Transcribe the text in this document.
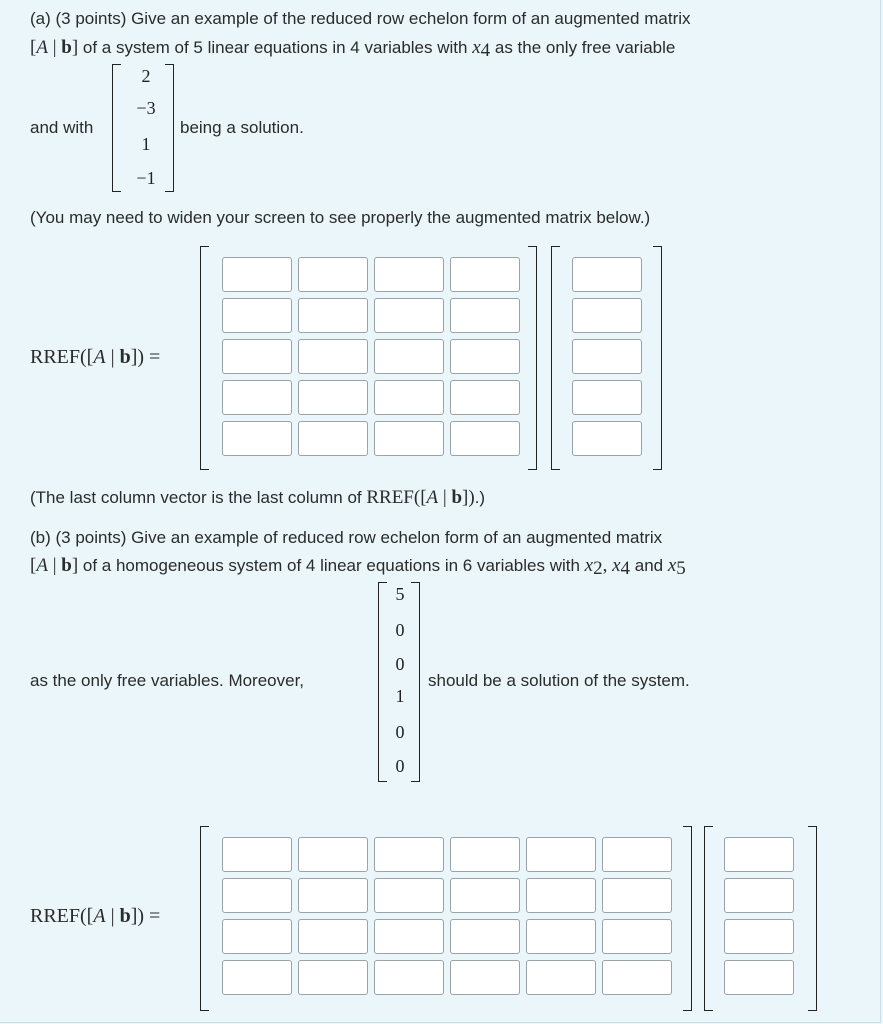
(a) (3 points) Give an example of the reduced row echelon form of an augmented matrix
[A | b] of a system of 5 linear equations in 4 variables with $x_4$ as the only free variable
and with
2
−3
1
−1
being a solution.
(You may need to widen your screen to see properly the augmented matrix below.)
RREF([A | b]) =
(The last column vector is the last column of RREF([A | b]).)
(b) (3 points) Give an example of reduced row echelon form of an augmented matrix
[A | b] of a homogeneous system of 4 linear equations in 6 variables with $x_2$, $x_4$ and $x_5$
as the only free variables. Moreover,
5
0
0
1
0
0
should be a solution of the system.
RREF([A | b]) =
